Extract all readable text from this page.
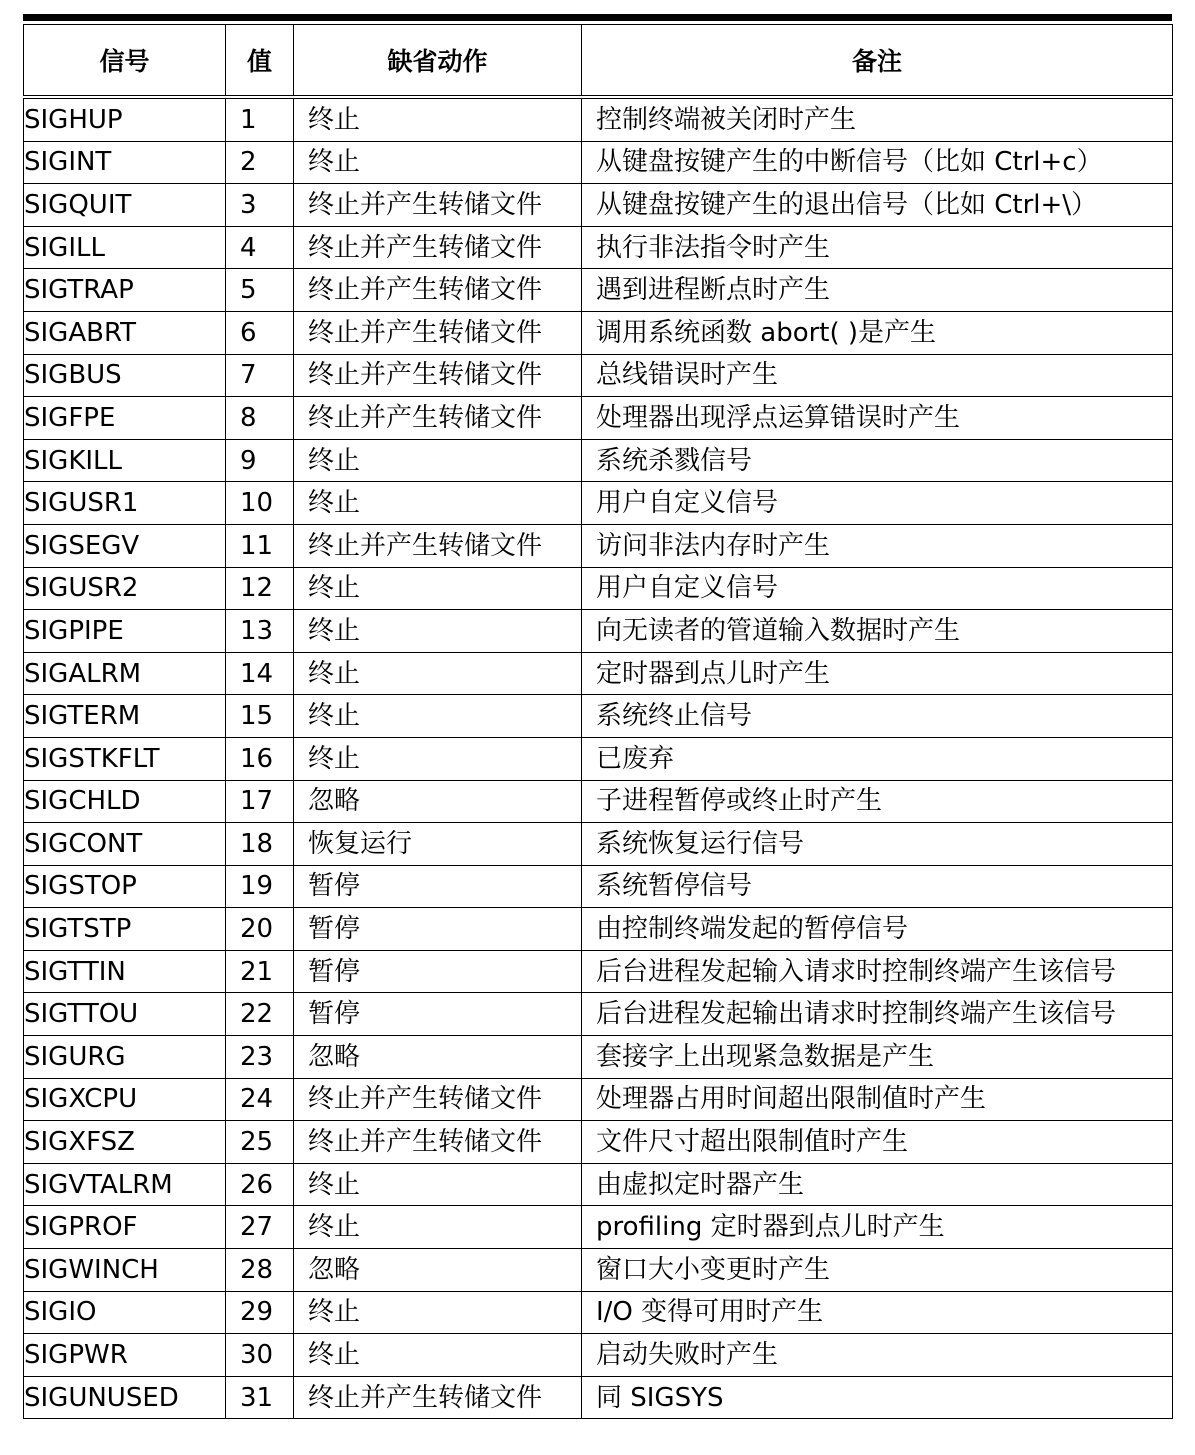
信号	值	缺省动作	备注
SIGHUP	1	终止	控制终端被关闭时产生
SIGINT	2	终止	从键盘按键产生的中断信号（比如 Ctrl+c）
SIGQUIT	3	终止并产生转储文件	从键盘按键产生的退出信号（比如 Ctrl+\）
SIGILL	4	终止并产生转储文件	执行非法指令时产生
SIGTRAP	5	终止并产生转储文件	遇到进程断点时产生
SIGABRT	6	终止并产生转储文件	调用系统函数 abort( )是产生
SIGBUS	7	终止并产生转储文件	总线错误时产生
SIGFPE	8	终止并产生转储文件	处理器出现浮点运算错误时产生
SIGKILL	9	终止	系统杀戮信号
SIGUSR1	10	终止	用户自定义信号
SIGSEGV	11	终止并产生转储文件	访问非法内存时产生
SIGUSR2	12	终止	用户自定义信号
SIGPIPE	13	终止	向无读者的管道输入数据时产生
SIGALRM	14	终止	定时器到点儿时产生
SIGTERM	15	终止	系统终止信号
SIGSTKFLT	16	终止	已废弃
SIGCHLD	17	忽略	子进程暂停或终止时产生
SIGCONT	18	恢复运行	系统恢复运行信号
SIGSTOP	19	暂停	系统暂停信号
SIGTSTP	20	暂停	由控制终端发起的暂停信号
SIGTTIN	21	暂停	后台进程发起输入请求时控制终端产生该信号
SIGTTOU	22	暂停	后台进程发起输出请求时控制终端产生该信号
SIGURG	23	忽略	套接字上出现紧急数据是产生
SIGXCPU	24	终止并产生转储文件	处理器占用时间超出限制值时产生
SIGXFSZ	25	终止并产生转储文件	文件尺寸超出限制值时产生
SIGVTALRM	26	终止	由虚拟定时器产生
SIGPROF	27	终止	profiling 定时器到点儿时产生
SIGWINCH	28	忽略	窗口大小变更时产生
SIGIO	29	终止	I/O 变得可用时产生
SIGPWR	30	终止	启动失败时产生
SIGUNUSED	31	终止并产生转储文件	同 SIGSYS
